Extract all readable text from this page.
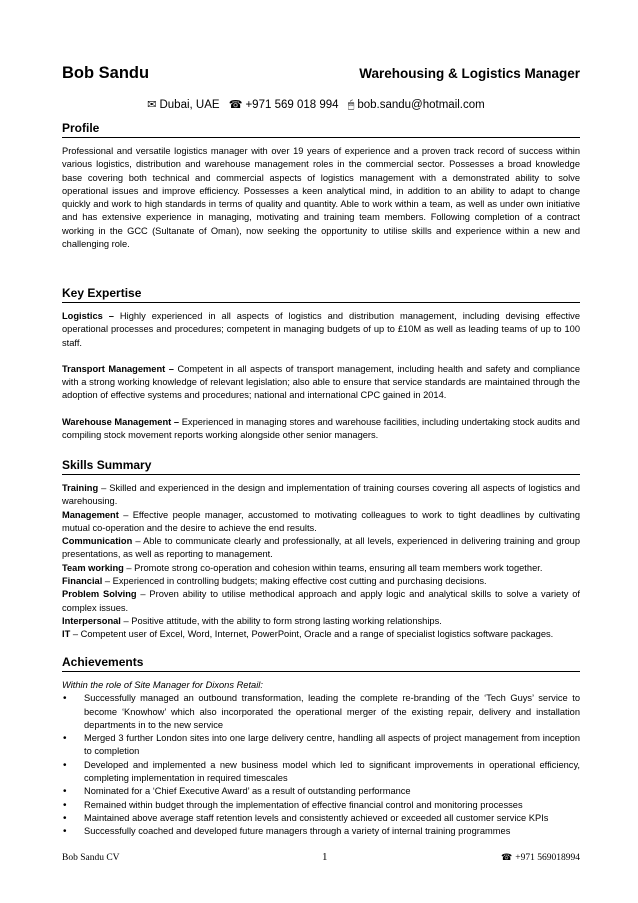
Bob Sandu	Warehousing & Logistics Manager
✉ Dubai, UAE ☎ +971 569 018 994 🖱 bob.sandu@hotmail.com
Profile

Professional and versatile logistics manager with over 19 years of experience and a proven track record of success within various logistics, distribution and warehouse management roles in the commercial sector. Possesses a broad knowledge base covering both technical and commercial aspects of logistics management with a demonstrated ability to solve operational issues and improve efficiency. Possesses a keen analytical mind, in addition to an ability to adapt to change quickly and work to high standards in terms of quality and quantity. Able to work within a team, as well as under own initiative and has extensive experience in managing, motivating and training team members. Following completion of a contract working in the GCC (Sultanate of Oman), now seeking the opportunity to utilise skills and experience within a new and challenging role.

Key Expertise

Logistics – Highly experienced in all aspects of logistics and distribution management, including devising effective operational processes and procedures; competent in managing budgets of up to £10M as well as leading teams of up to 100 staff.

Transport Management – Competent in all aspects of transport management, including health and safety and compliance with a strong working knowledge of relevant legislation; also able to ensure that service standards are maintained through the adoption of effective systems and procedures; national and international CPC gained in 2014.

Warehouse Management – Experienced in managing stores and warehouse facilities, including undertaking stock audits and compiling stock movement reports working alongside other senior managers.

Skills Summary

Training – Skilled and experienced in the design and implementation of training courses covering all aspects of logistics and warehousing.

Management – Effective people manager, accustomed to motivating colleagues to work to tight deadlines by cultivating mutual co-operation and the desire to achieve the end results.

Communication – Able to communicate clearly and professionally, at all levels, experienced in delivering training and group presentations, as well as reporting to management.

Team working – Promote strong co-operation and cohesion within teams, ensuring all team members work together.

Financial – Experienced in controlling budgets; making effective cost cutting and purchasing decisions.

Problem Solving – Proven ability to utilise methodical approach and apply logic and analytical skills to solve a variety of complex issues.

Interpersonal – Positive attitude, with the ability to form strong lasting working relationships.

IT – Competent user of Excel, Word, Internet, PowerPoint, Oracle and a range of specialist logistics software packages.

Achievements
Within the role of Site Manager for Dixons Retail:
• Successfully managed an outbound transformation, leading the complete re-branding of the ‘Tech Guys’ service to become ‘Knowhow’ which also incorporated the operational merger of the existing repair, delivery and installation departments in to the new service
• Merged 3 further London sites into one large delivery centre, handling all aspects of project management from inception to completion
• Developed and implemented a new business model which led to significant improvements in operational efficiency, completing implementation in required timescales
• Nominated for a ‘Chief Executive Award’ as a result of outstanding performance
• Remained within budget through the implementation of effective financial control and monitoring processes
• Maintained above average staff retention levels and consistently achieved or exceeded all customer service KPIs
• Successfully coached and developed future managers through a variety of internal training programmes
Bob Sandu CV	1	☎ +971 569018994
